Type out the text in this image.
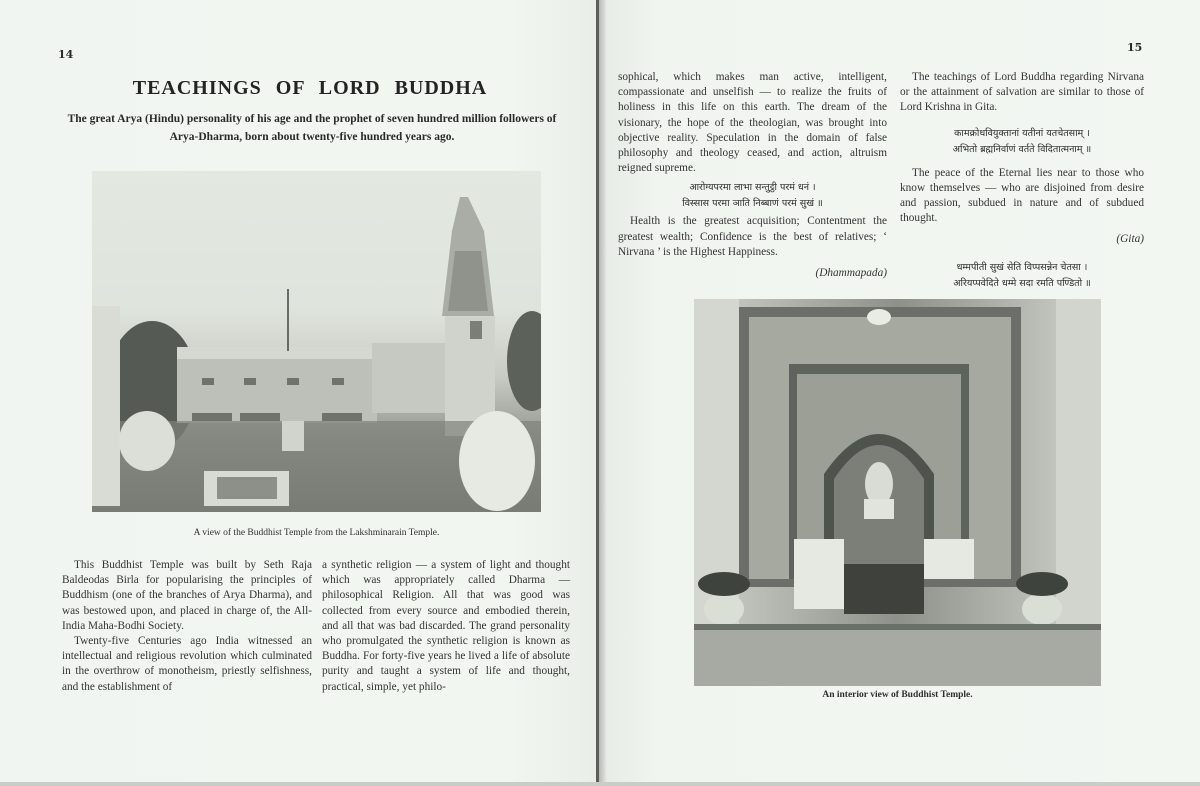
14
TEACHINGS OF LORD BUDDHA
The great Arya (Hindu) personality of his age and the prophet of seven hundred million followers of Arya-Dharma, born about twenty-five hundred years ago.
A view of the Buddhist Temple from the Lakshminarain Temple.

This Buddhist Temple was built by Seth Raja Baldeodas Birla for popularising the principles of Buddhism (one of the branches of Arya Dharma), and was bestowed upon, and placed in charge of, the All-India Maha-Bodhi Society.

Twenty-five Centuries ago India witnessed an intellectual and religious revolution which culminated in the overthrow of monotheism, priestly selfishness, and the establishment of

a synthetic religion — a system of light and thought which was appropriately called Dharma — philosophical Religion. All that was good was collected from every source and embodied therein, and all that was bad discarded. The grand personality who promulgated the synthetic religion is known as Buddha. For forty-five years he lived a life of absolute purity and taught a system of life and thought, practical, simple, yet philo-

15

sophical, which makes man active, intelligent, compassionate and unselfish — to realize the fruits of holiness in this life on this earth. The dream of the visionary, the hope of the theologian, was brought into objective reality. Speculation in the domain of false philosophy and theology ceased, and action, altruism reigned supreme.

आरोग्यपरमा लाभा सन्तुट्ठी परमं धनं ।
विस्सास परमा ञाति निब्बाणं परमं सुखं ॥

Health is the greatest acquisition; Contentment the greatest wealth; Confidence is the best of relatives; ‘ Nirvana ’ is the Highest Happiness.

(Dhammapada)

The teachings of Lord Buddha regarding Nirvana or the attainment of salvation are similar to those of Lord Krishna in Gita.

कामक्रोधवियुक्तानां यतीनां यतचेतसाम् ।
अभितो ब्रह्मनिर्वाणं वर्तते विदितात्मनाम् ॥

The peace of the Eternal lies near to those who know themselves — who are disjoined from desire and passion, subdued in nature and of subdued thought.

(Gita)
धम्मपीती सुखं सेति विप्पसन्नेन चेतसा ।
अरियप्पवेदिते धम्मे सदा रमति पण्डितो ॥
An interior view of Buddhist Temple.
